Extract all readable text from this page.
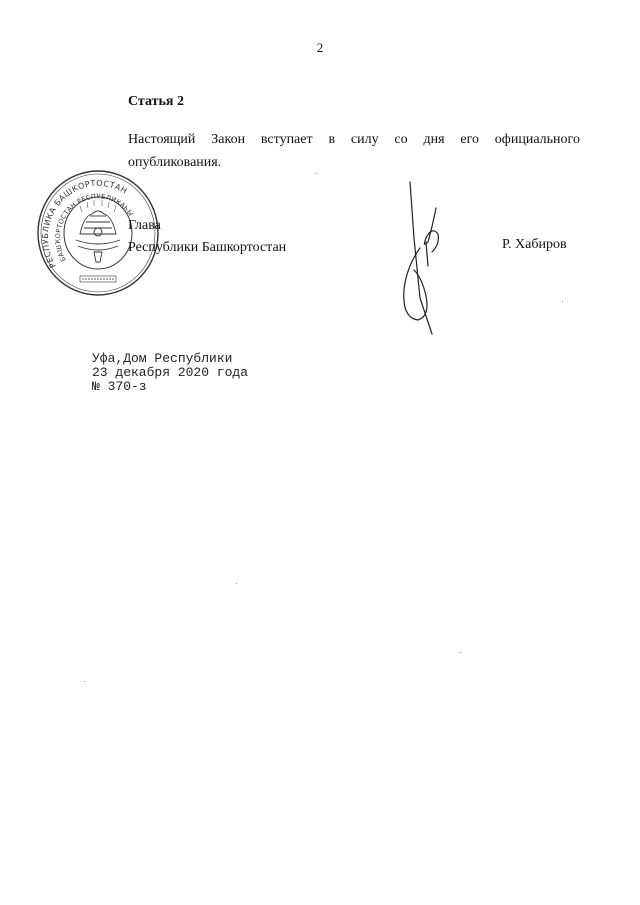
2
Статья 2
Настоящий Закон вступает в силу со дня его официального
опубликования.
РЕСПУБЛИКА БАШКОРТОСТАН
БАШҠОРТОСТАН РЕСПУБЛИКАҺЫ
Глава
Республики Башкортостан	Р. Хабиров
Уфа,Дом Республики
23 декабря 2020 года
№ 370-з
